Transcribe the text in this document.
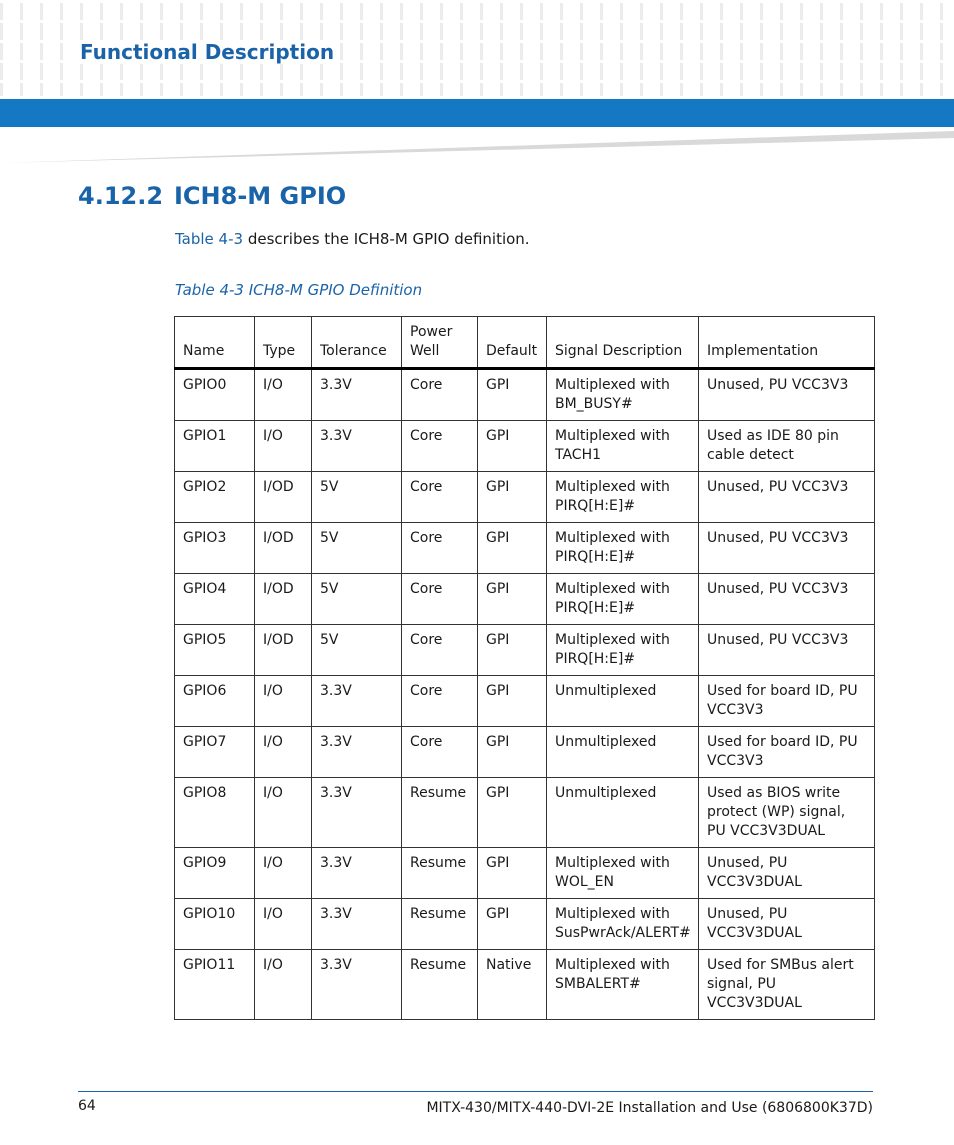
Functional Description
4.12.2 ICH8-M GPIO
Table 4-3 describes the ICH8-M GPIO definition.
Table 4-3 ICH8-M GPIO Definition
Name	Type	Tolerance	Power Well	Default	Signal Description	Implementation
GPIO0	I/O	3.3V	Core	GPI	Multiplexed with BM_BUSY#	Unused, PU VCC3V3
GPIO1	I/O	3.3V	Core	GPI	Multiplexed with TACH1	Used as IDE 80 pin cable detect
GPIO2	I/OD	5V	Core	GPI	Multiplexed with PIRQ[H:E]#	Unused, PU VCC3V3
GPIO3	I/OD	5V	Core	GPI	Multiplexed with PIRQ[H:E]#	Unused, PU VCC3V3
GPIO4	I/OD	5V	Core	GPI	Multiplexed with PIRQ[H:E]#	Unused, PU VCC3V3
GPIO5	I/OD	5V	Core	GPI	Multiplexed with PIRQ[H:E]#	Unused, PU VCC3V3
GPIO6	I/O	3.3V	Core	GPI	Unmultiplexed	Used for board ID, PU VCC3V3
GPIO7	I/O	3.3V	Core	GPI	Unmultiplexed	Used for board ID, PU VCC3V3
GPIO8	I/O	3.3V	Resume	GPI	Unmultiplexed	Used as BIOS write protect (WP) signal, PU VCC3V3DUAL
GPIO9	I/O	3.3V	Resume	GPI	Multiplexed with WOL_EN	Unused, PU VCC3V3DUAL
GPIO10	I/O	3.3V	Resume	GPI	Multiplexed with SusPwrAck/ALERT#	Unused, PU VCC3V3DUAL
GPIO11	I/O	3.3V	Resume	Native	Multiplexed with SMBALERT#	Used for SMBus alert signal, PU VCC3V3DUAL
64	MITX-430/MITX-440-DVI-2E Installation and Use (6806800K37D)
